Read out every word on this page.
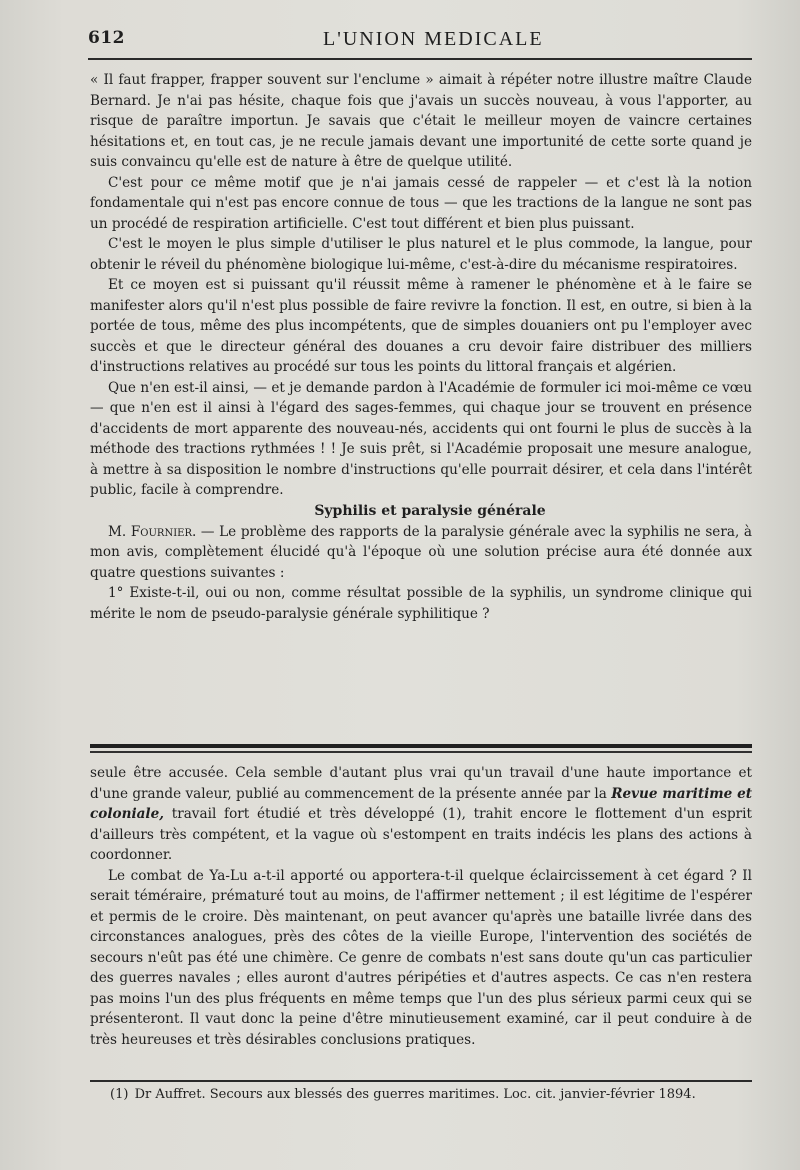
612	L'UNION MEDICALE

« Il faut frapper, frapper souvent sur l'enclume » aimait à répéter notre illustre maître Claude Bernard. Je n'ai pas hésite, chaque fois que j'avais un succès nouveau, à vous l'apporter, au risque de paraître importun. Je savais que c'était le meilleur moyen de vaincre certaines hésitations et, en tout cas, je ne recule jamais devant une importunité de cette sorte quand je suis convaincu qu'elle est de nature à être de quelque utilité.

C'est pour ce même motif que je n'ai jamais cessé de rappeler — et c'est là la notion fondamentale qui n'est pas encore connue de tous — que les tractions de la langue ne sont pas un procédé de respiration artificielle. C'est tout différent et bien plus puissant.

C'est le moyen le plus simple d'utiliser le plus naturel et le plus commode, la langue, pour obtenir le réveil du phénomène biologique lui-même, c'est-à-dire du mécanisme respiratoires.

Et ce moyen est si puissant qu'il réussit même à ramener le phénomène et à le faire se manifester alors qu'il n'est plus possible de faire revivre la fonction. Il est, en outre, si bien à la portée de tous, même des plus incompétents, que de simples douaniers ont pu l'employer avec succès et que le directeur général des douanes a cru devoir faire distribuer des milliers d'instructions relatives au procédé sur tous les points du littoral français et algérien.

Que n'en est-il ainsi, — et je demande pardon à l'Académie de formuler ici moi-même ce vœu — que n'en est il ainsi à l'égard des sages-femmes, qui chaque jour se trouvent en présence d'accidents de mort apparente des nouveau-nés, accidents qui ont fourni le plus de succès à la méthode des tractions rythmées ! ! Je suis prêt, si l'Académie proposait une mesure analogue, à mettre à sa disposition le nombre d'instructions qu'elle pourrait désirer, et cela dans l'intérêt public, facile à comprendre.

Syphilis et paralysie générale

M. Fournier. — Le problème des rapports de la paralysie générale avec la syphilis ne sera, à mon avis, complètement élucidé qu'à l'époque où une solution précise aura été donnée aux quatre questions suivantes :

1° Existe-t-il, oui ou non, comme résultat possible de la syphilis, un syndrome clinique qui mérite le nom de pseudo-paralysie générale syphilitique ?

seule être accusée. Cela semble d'autant plus vrai qu'un travail d'une haute importance et d'une grande valeur, publié au commencement de la présente année par la Revue maritime et coloniale, travail fort étudié et très développé (1), trahit encore le flottement d'un esprit d'ailleurs très compétent, et la vague où s'estompent en traits indécis les plans des actions à coordonner.

Le combat de Ya-Lu a-t-il apporté ou apportera-t-il quelque éclaircissement à cet égard ? Il serait téméraire, prématuré tout au moins, de l'affirmer nettement ; il est légitime de l'espérer et permis de le croire. Dès maintenant, on peut avancer qu'après une bataille livrée dans des circonstances analogues, près des côtes de la vieille Europe, l'intervention des sociétés de secours n'eût pas été une chimère. Ce genre de combats n'est sans doute qu'un cas particulier des guerres navales ; elles auront d'autres péripéties et d'autres aspects. Ce cas n'en restera pas moins l'un des plus fréquents en même temps que l'un des plus sérieux parmi ceux qui se présenteront. Il vaut donc la peine d'être minutieusement examiné, car il peut conduire à de très heureuses et très désirables conclusions pratiques.

(1) Dr Auffret. Secours aux blessés des guerres maritimes. Loc. cit. janvier-février 1894.
